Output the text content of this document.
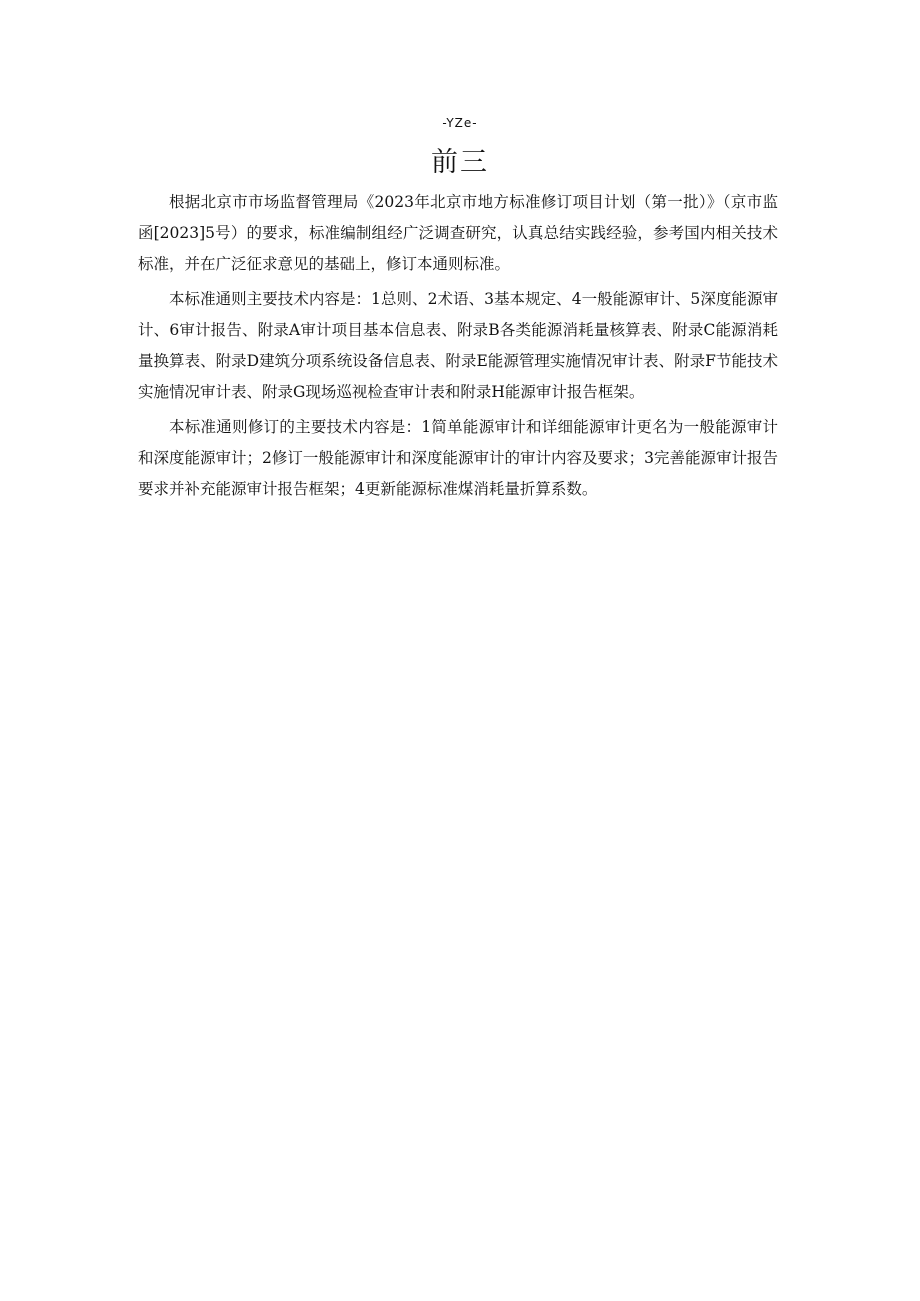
-YZe-
前三

根据北京市市场监督管理局《2023年北京市地方标准修订项目计划（第一批）》（京市监函[2023]5号）的要求，标准编制组经广泛调查研究，认真总结实践经验，参考国内相关技术标准，并在广泛征求意见的基础上，修订本通则标准。

本标准通则主要技术内容是：1总则、2术语、3基本规定、4一般能源审计、5深度能源审计、6审计报告、附录A审计项目基本信息表、附录B各类能源消耗量核算表、附录C能源消耗量换算表、附录D建筑分项系统设备信息表、附录E能源管理实施情况审计表、附录F节能技术实施情况审计表、附录G现场巡视检查审计表和附录H能源审计报告框架。

本标准通则修订的主要技术内容是：1简单能源审计和详细能源审计更名为一般能源审计和深度能源审计；2修订一般能源审计和深度能源审计的审计内容及要求；3完善能源审计报告要求并补充能源审计报告框架；4更新能源标准煤消耗量折算系数。
